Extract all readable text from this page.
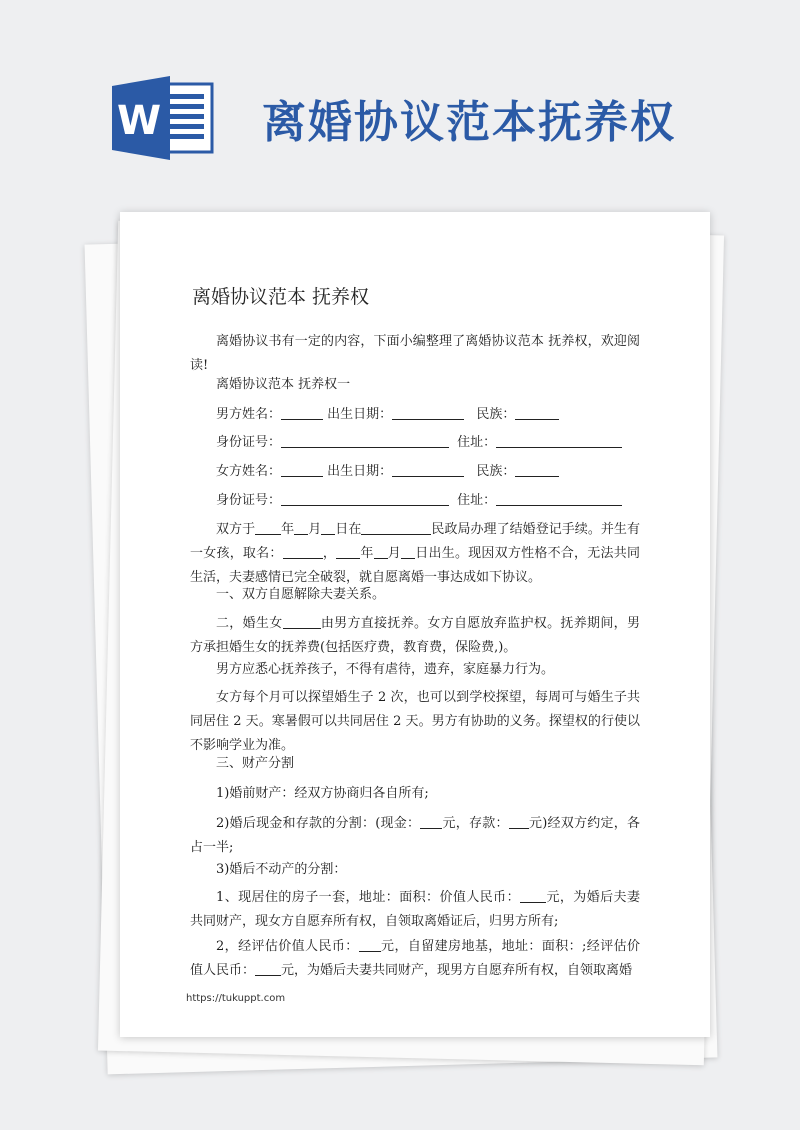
W 离婚协议范本抚养权
离婚协议范本 抚养权

离婚协议书有一定的内容，下面小编整理了离婚协议范本 抚养权，欢迎阅读!

离婚协议范本 抚养权一

男方姓名：	出生日期：	民族：
身份证号：	住址：
女方姓名：	出生日期：	民族：
身份证号：	住址：

双方于 年 月 日在	民政局办理了结婚登记手续。并生有一女孩，取名：	， 年 月 日出生。现因双方性格不合，无法共同生活，夫妻感情已完全破裂，就自愿离婚一事达成如下协议。

一、双方自愿解除夫妻关系。

二，婚生女	由男方直接抚养。女方自愿放弃监护权。抚养期间，男方承担婚生女的抚养费(包括医疗费，教育费，保险费,)。

男方应悉心抚养孩子，不得有虐待，遗弃，家庭暴力行为。

女方每个月可以探望婚生子 2 次，也可以到学校探望，每周可与婚生子共同居住 2 天。寒暑假可以共同居住 2 天。男方有协助的义务。探望权的行使以不影响学业为准。

三、财产分割

1)婚前财产：经双方协商归各自所有;

2)婚后现金和存款的分割：(现金： 元，存款： 元)经双方约定，各占一半;

3)婚后不动产的分割：

1、现居住的房子一套，地址：面积：价值人民币： 元，为婚后夫妻共同财产，现女方自愿弃所有权，自领取离婚证后，归男方所有;

2，经评估价值人民币： 元，自留建房地基，地址：面积：;经评估价值人民币： 元，为婚后夫妻共同财产，现男方自愿弃所有权，自领取离婚

https://tukuppt.com
